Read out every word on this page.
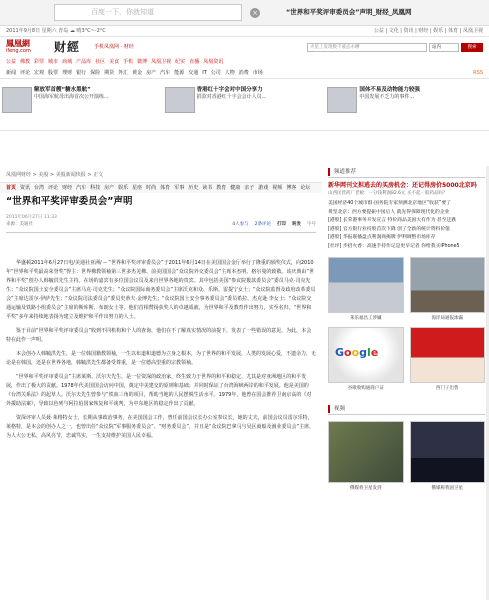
百度一下，你就知道	“世界和平奖评审委员会”声明_财经_凤凰网
×
2011年9月8日 星期六 青岛 ☁ 晴3°C~-2°C	公益 | 文化 | 资讯 | 财经 | 娱乐 | 体育 | 凤凰卫视
鳳凰網
ifeng.com	财經	手机凤凰网 · 财经	火星上发现数千液态水槽	站内	搜索
首页 资讯 台湾 评论 财经 汽车 科技 房产 娱乐 星座 时尚 体育 军事 历史 读书 教育 健康 亲子 游戏 视频 博客 论坛
公益 佛教 彩票 城市 商城 产品库 社区 美食 手机 微博 凤凰卫视 纪实 直播 凤凰资讯
新闻 评论 宏观 股票 理财 银行 保险 期货 外汇 黄金 房产 汽车 能源 交通 IT 公司 人物 消费 市场	RSS
解放军首艘“糖水黑航”
中国海军航母出海首次公开演练...
香港红十字会对中国分享力
捐款对香港红十字会会计人员...
国体不易及动物能力较强
中国发展不乏力的事件...
凤凰网财经 > 美股 > 美股新闻快报 > 正文
“世界和平奖评审委员会”声明
2011年06月27日 11:33
来源：美通社	4人参与 2条评论 打印 转发 字号

华盛顿2011年6月27日电/美通社亚洲/ -- “世界和平奖评审委员会”于2011年6月14日在美国国会金厅举行了隆重的颁奖仪式，向2010年“世界和平奖最高荣誉奖”得主：世界佛教领袖第三世多杰羌佛、前美国国会“众议院外交委员会”主席本杰明、格尔曼的致敬。该庆典由“世界和平奖”创办人韩毓洪先生主持。在场的嘉宾有多位国会议员及来自世界各地的贵宾。其中包括美国“参议院拨款委员会”委员马克·司克先生；“众议院国土安全委员会”主席马克·司克先生；“众议院国际商务委员会”主席沃克和众、乐斯、雷提宁女士；“众议院监督及政府改革委员会”主席达雷尔·伊萨先生；“众议院司法委员会”委员史蒂夫·金博先生；“众议院国土安全事务委员会”委员希拉、杰克逊·李女士；“众议院交通运输及铁路小组委员会”主席的斯库斯、布朗女士等。他们首相赞扬获奖人的卓越成就，为世界和平及教育作出努力，实至名归。“世界和平奖”多年来持续地表扬为建立及维护和平作出努力的人士。

鉴于目前“世界和平奖评审委员会”收到不同机构和个人的查询，他们在不了解真实情况的前提下，发表了一些错误的意见，为此，本会特在此作一声明。

本会创办人韩毓洪先生，是一位韩国籍教领袖，一生以布道和道德为立身之根本，为了世界的和平发展，人类的发展心爱，不遗余力，无论是在韩国，还是在世界各地，韩毓洪先生都备受尊重，是一位德高望重的宗教领袖。

“世界和平奖评审委员会”主席莱斯、沃尔夫先生，是一位资深的政治家，终生致力于世界的和平和稳定，尤其是对亚洲地区的和平发展，作出了极大的贡献。1978年代美国国会访问中国，奠定中美建交的原则和基础；并同时保证了台湾海峡两岸的和平发展。他是美国的《台湾关系法》的起草人。沃尔夫先生曾参与“铁血三角的项目，帮助当地的人民摆脱生活水平。1979年，他曾在国会推荐卫南京高的《对外援助法案》，导致以色列与阿拉伯国家恢复和平谈判，为中东地区的稳定作出了贡献。

资深评审人员聂·莱格特女士，长期从事政治事务，在美国国会工作，曾任前国会议长办公室参议长，她的丈夫，前国会议员雷尔乐特，莱格特，是本会的创办人之一，也曾出任“众议院”军事服务委员会”、“财务委员会”，并且是“众议院巴拿马与吴区商船及渔业委员会”主席，为人大公无私，高风亮节，忠诚笃实，一生支持维护美国人民幸福。

频道推荐
新华网刊文担逃去的买房机会：还记得房价5000北京吗
山西民营药厂老板：一分钱利润82.6元 买不起一般药品吗？
美国经济40个城市群·国务院专家预测北京地区“收获”要了
黄坚北京：西方要提振中国后人 就先得保障现代化的企业
[港股] 长荣港事务开发宣言 特价商品美国大有作为 甚至还跌
[港股] 官方银行业持股首次下降 创了全新的统计资料价值
[港股] 华报联播盘点利润商揭牌 伊利调整市场库存
[社评] 步招火香：高速手持作记是更早记者 你给我买iPhone5
莱乐福昌工涉嫌	海洋局通报渗漏
Google
谷歌收购通商户证	西门子出售
视频
俄媒将卫星发到	俄媒称我国卫星
